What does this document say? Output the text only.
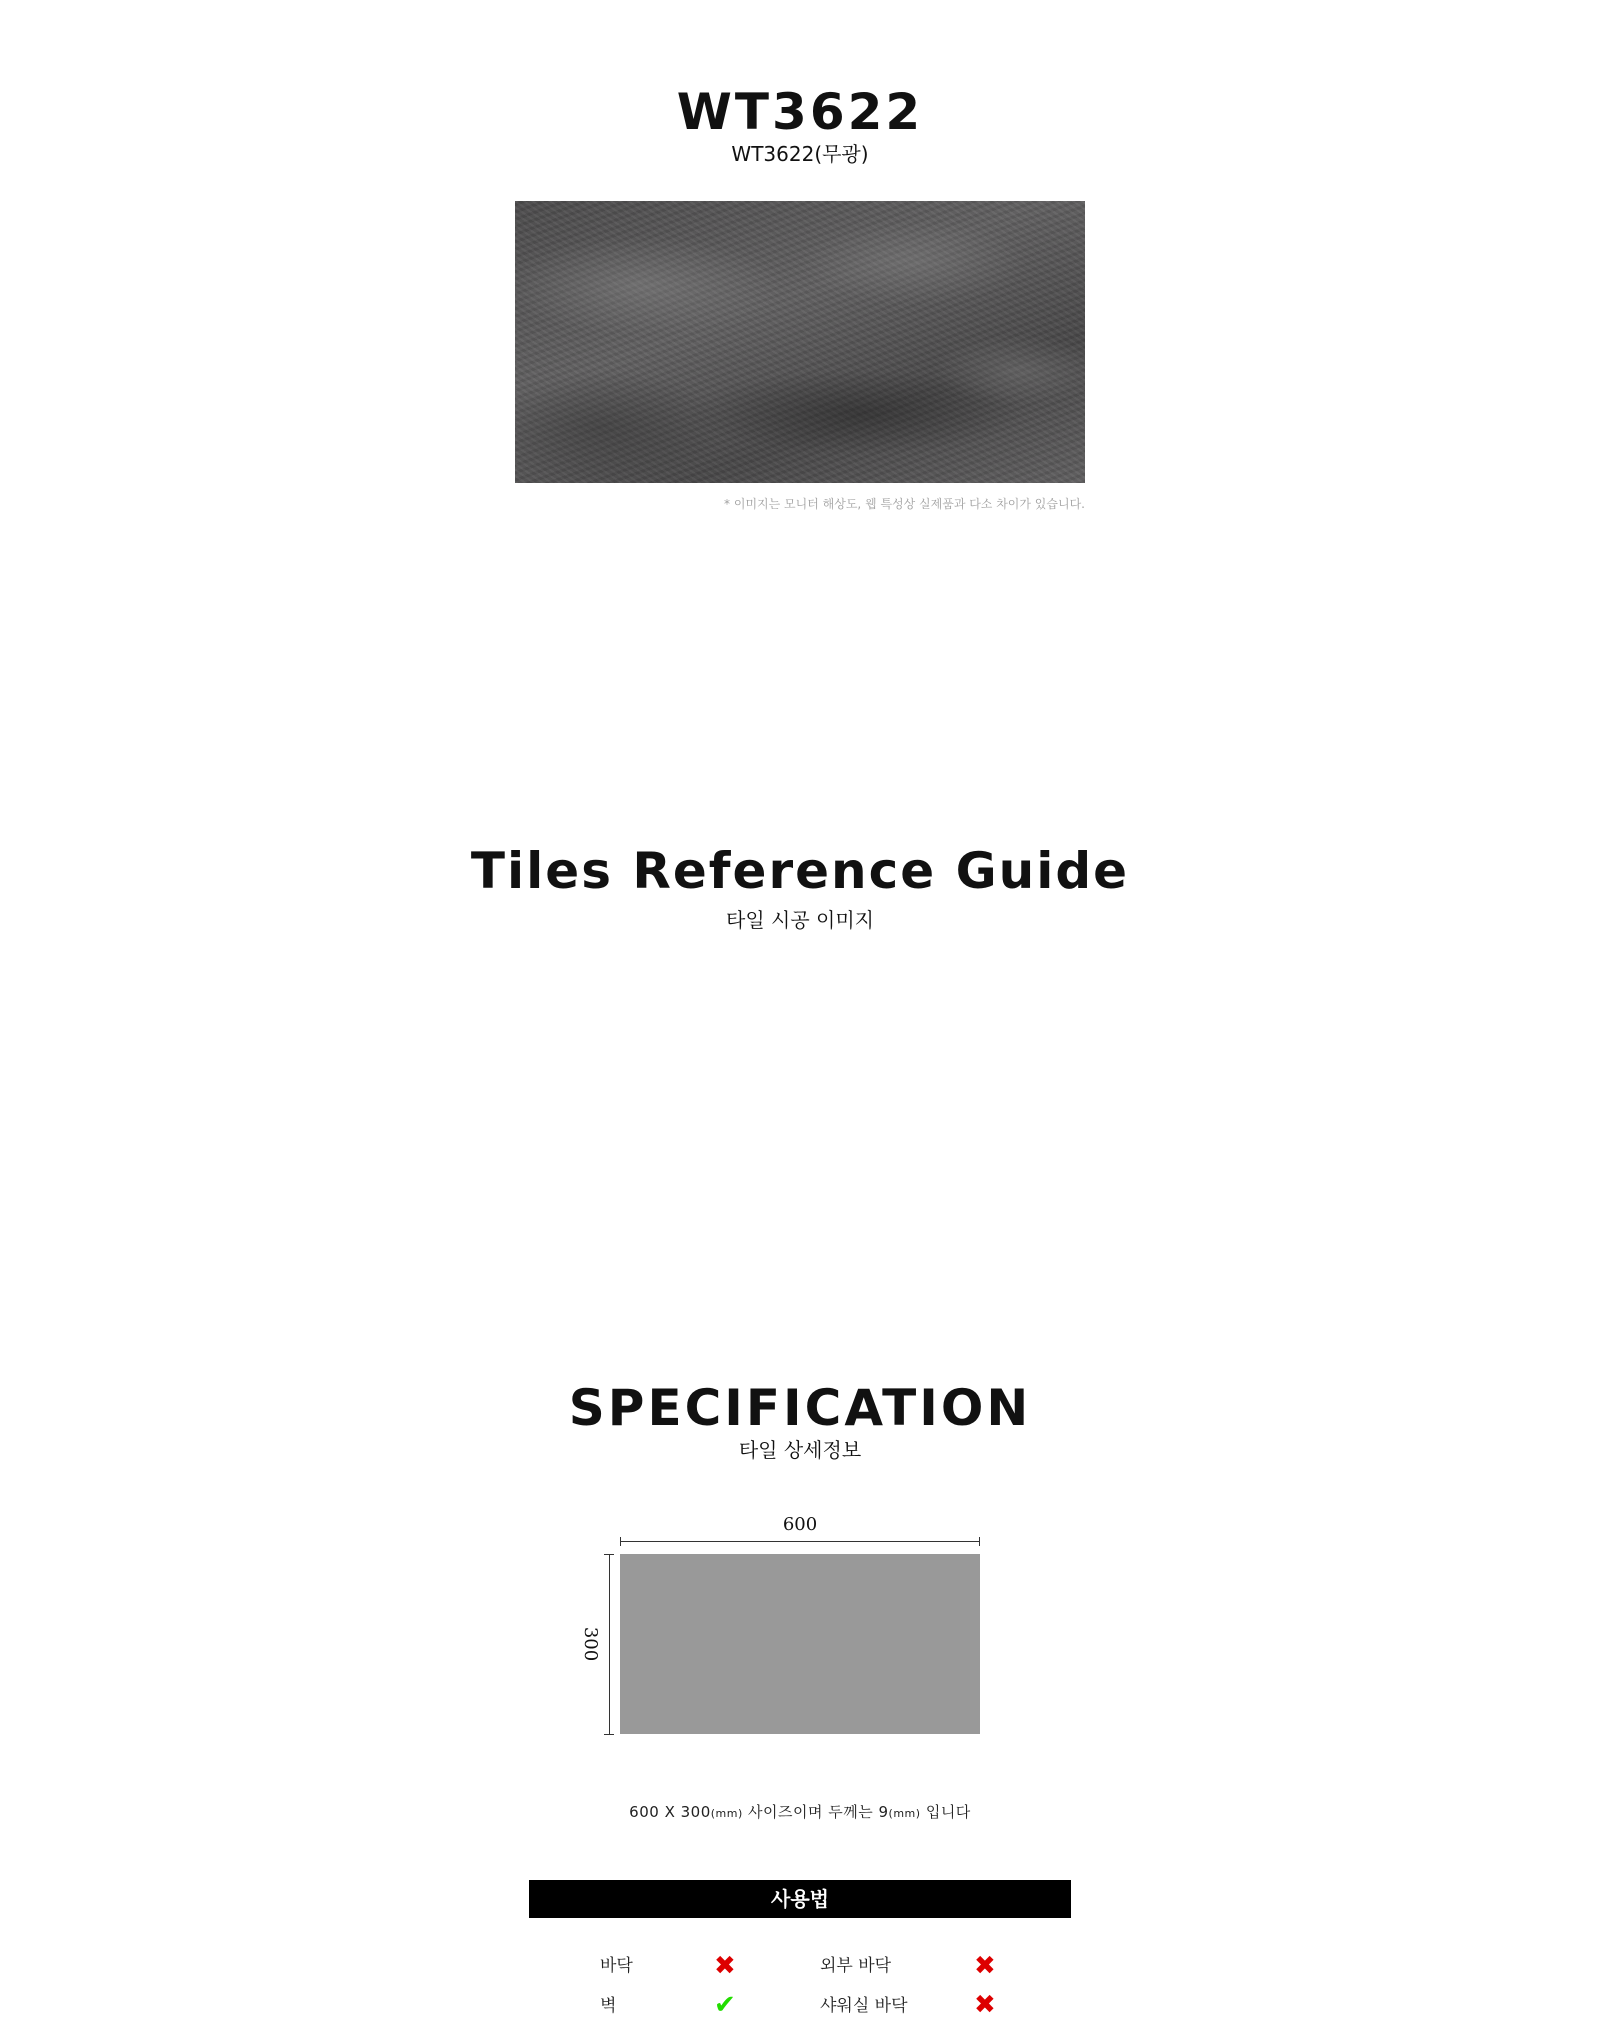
WT3622
WT3622(무광)
* 이미지는 모니터 해상도, 웹 특성상 실제품과 다소 차이가 있습니다.
Tiles Reference Guide
타일 시공 이미지
SPECIFICATION
타일 상세정보
600
300
600 X 300(mm) 사이즈이며 두께는 9(mm) 입니다
사용법
바닥	✖	외부 바닥	✖
벽	✔	샤워실 바닥	✖
